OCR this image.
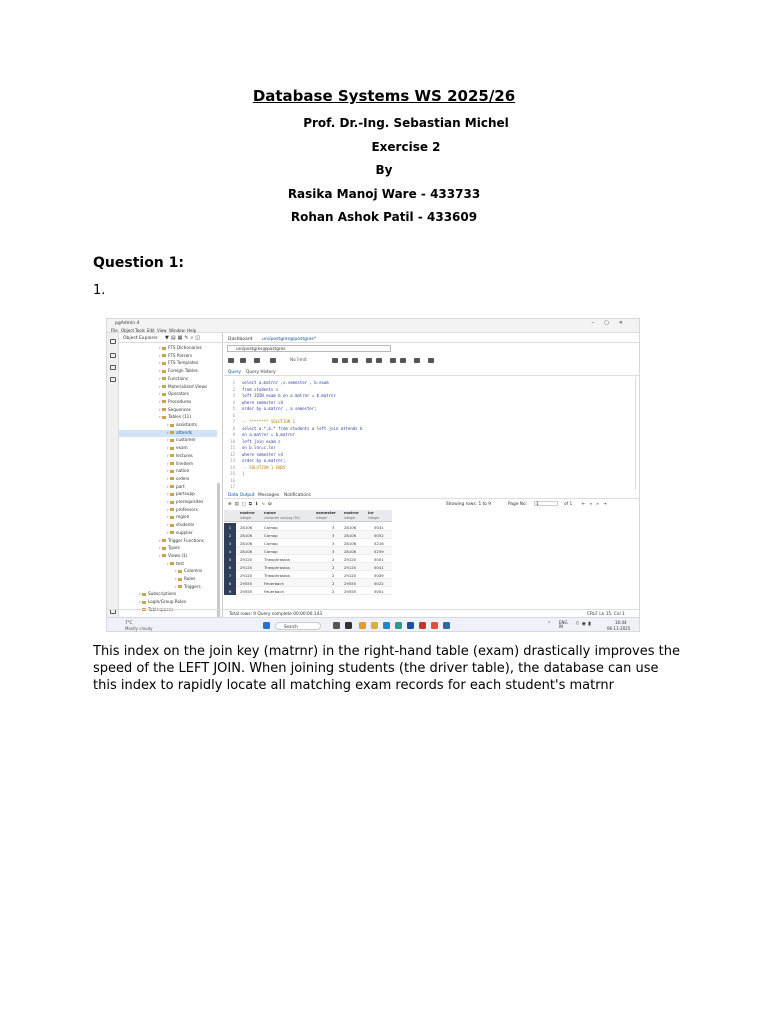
Database Systems WS 2025/26
Prof. Dr.-Ing. Sebastian Michel
Exercise 2
By
Rasika Manoj Ware - 433733
Rohan Ashok Patil - 433609
Question 1:
1.
pgAdmin 4	–▢✕
File Object Tools Edit View Window Help
Object Explorer ▼▤▦✎⌕◫
› FTS Dictionaries
› FTS Parsers
› FTS Templates
› Foreign Tables
› Functions
› Materialized Views
› Operators
› Procedures
› Sequences
› Tables (11)
› assistants
› attends
› customer
› exam
› lectures
› lineitem
› nation
› orders
› part
› partsupp
› prerequisites
› professors
› region
› students
› supplier
› Trigger Functions
› Types
› Views (1)
› test
› Columns
› Rules
› Triggers
› Subscriptions
› Login/Group Roles
› Tablespaces
Dashboard uni/postgres@postgres*
uni/postgres@postgres
No limit
Query Query History
1 select a.matrnr ,s.semester , b.exam
2 from students s
3 left JOIN exam b on a.matrnr = b.matrnr
4 where semester >4
5 order by a.matrnr , a.semester;
6
7 -- ******** SOLUTION 1
8 select a.*,b.* from students a left join attends b
9 on a.matrnr = b.matrnr
10 left join exam c
11 on b.lnr=c.lnr
12 where semester >4
13 order by a.matrnr;
14 -- SOLUTION 1 ENDS
15 |
16
17
Data Output Messages Notifications
⊕▤▢⧉⬇∿⛁	Showing rows: 1 to 9	Page No:	1	of 1 ⇤«»⇥
matrnr
integer
name
character varying (30)
semester
integer
matrnr
integer
lnr
integer
1	28106	Carnap	3	28106	5041
2	28106	Carnap	3	28106	5052
3	28106	Carnap	3	28106	5216
4	28106	Carnap	3	28106	5259
5	29120	Theophrastos	2	29120	5001
6	29120	Theophrastos	2	29120	5041
7	29120	Theophrastos	2	29120	5049
8	29555	Feuerbach	2	29555	5022
9	29555	Feuerbach	2	29555	5001
Total rows: 9 Query complete 00:00:00.143	CRLF Ln 15, Col 1
7°C
Mostly cloudy	Search	⌃ ENG IN	⌔◉▮	16:44
06-11-2025
This index on the join key (matrnr) in the right-hand table (exam) drastically improves the speed of the LEFT JOIN. When joining students (the driver table), the database can use this index to rapidly locate all matching exam records for each student's matrnr
